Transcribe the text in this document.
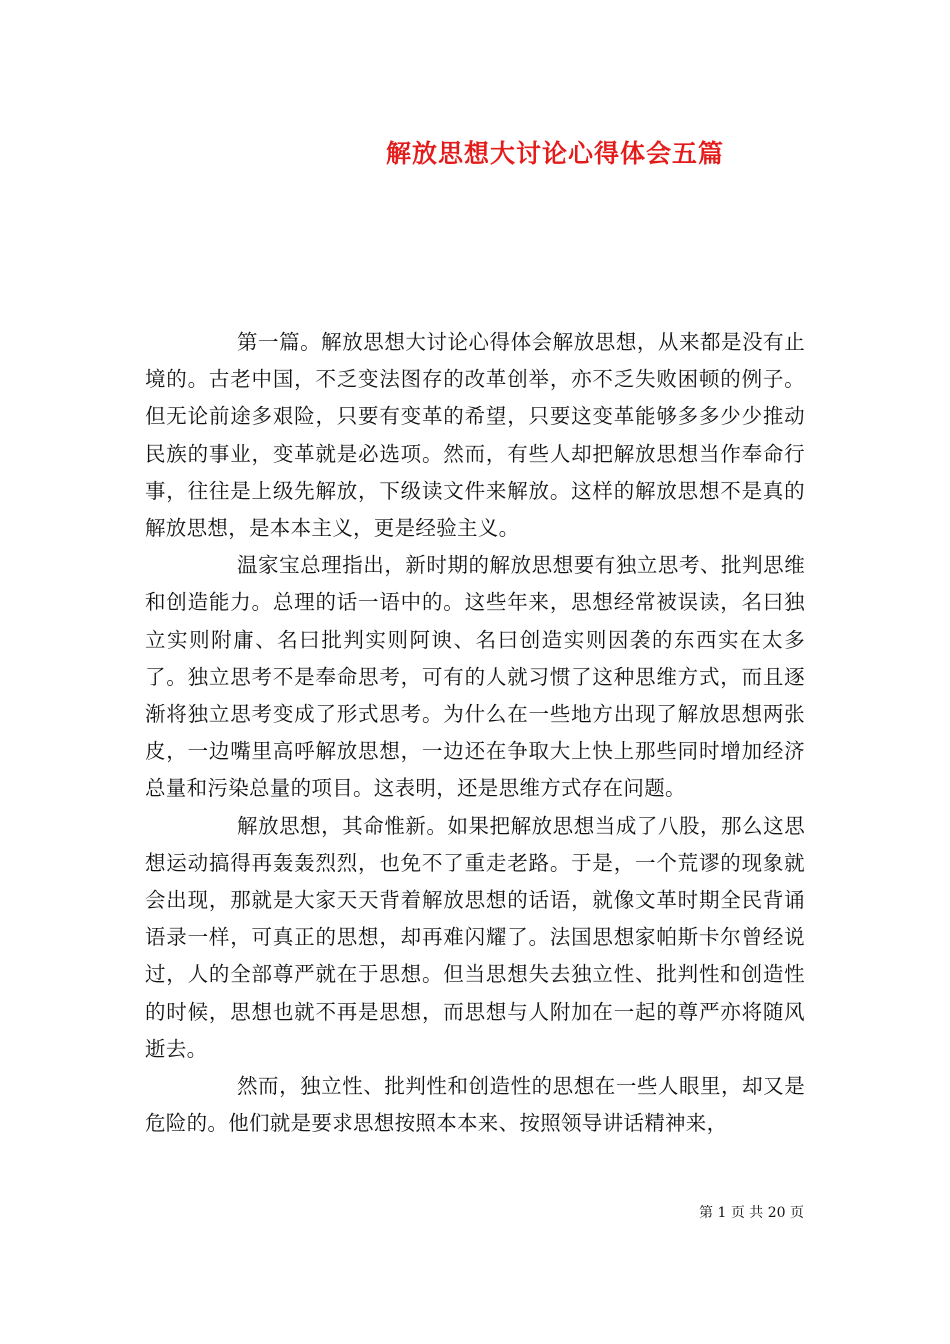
解放思想大讨论心得体会五篇

第一篇。解放思想大讨论心得体会解放思想，从来都是没有止境的。古老中国，不乏变法图存的改革创举，亦不乏失败困顿的例子。但无论前途多艰险，只要有变革的希望，只要这变革能够多多少少推动民族的事业，变革就是必选项。然而，有些人却把解放思想当作奉命行事，往往是上级先解放，下级读文件来解放。这样的解放思想不是真的解放思想，是本本主义，更是经验主义。

温家宝总理指出，新时期的解放思想要有独立思考、批判思维和创造能力。总理的话一语中的。这些年来，思想经常被误读，名曰独立实则附庸、名曰批判实则阿谀、名曰创造实则因袭的东西实在太多了。独立思考不是奉命思考，可有的人就习惯了这种思维方式，而且逐渐将独立思考变成了形式思考。为什么在一些地方出现了解放思想两张皮，一边嘴里高呼解放思想，一边还在争取大上快上那些同时增加经济总量和污染总量的项目。这表明，还是思维方式存在问题。

解放思想，其命惟新。如果把解放思想当成了八股，那么这思想运动搞得再轰轰烈烈，也免不了重走老路。于是，一个荒谬的现象就会出现，那就是大家天天背着解放思想的话语，就像文革时期全民背诵语录一样，可真正的思想，却再难闪耀了。法国思想家帕斯卡尔曾经说过，人的全部尊严就在于思想。但当思想失去独立性、批判性和创造性的时候，思想也就不再是思想，而思想与人附加在一起的尊严亦将随风逝去。

然而，独立性、批判性和创造性的思想在一些人眼里，却又是危险的。他们就是要求思想按照本本来、按照领导讲话精神来，

第 1 页 共 20 页
